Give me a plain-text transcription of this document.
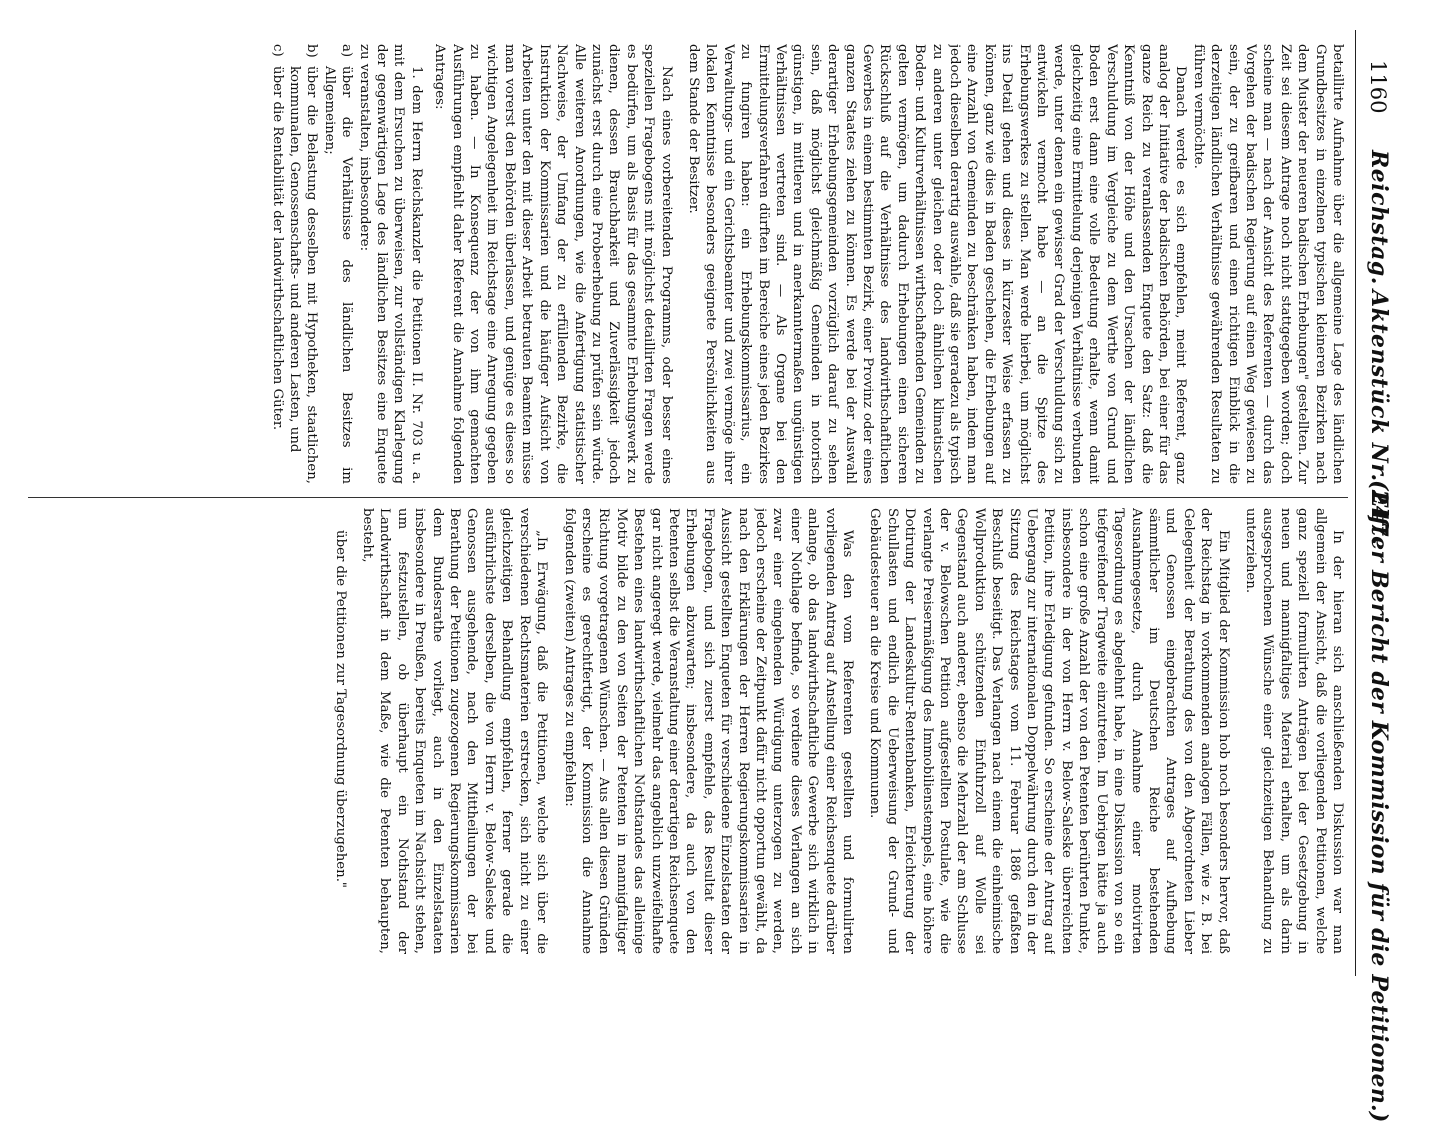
1160
Reichstag.
Aktenstück Nr. 247.
(Elfter Bericht der Kommission für die Petitionen.)

betaillirte Aufnahme über die allgemeine Lage des ländlichen Grundbesitzes in einzelnen typischen kleineren Bezirken nach dem Muster der neueren badischen Erhebungen" gestellten. Zur Zeit sei diesem Antrage noch nicht stattgegeben worden; doch scheine man — nach der Ansicht des Referenten — durch das Vorgehen der badischen Regierung auf einen Weg gewiesen zu sein, der zu greifbaren und einen richtigen Einblick in die derzeitigen ländlichen Verhältnisse gewährenden Resultaten zu führen vermöchte.

Danach werde es sich empfehlen, meint Referent, ganz analog der Initiative der badischen Behörden, bei einer für das ganze Reich zu veranlassenden Enquete den Satz: daß die Kenntniß von der Höhe und den Ursachen der ländlichen Verschuldung im Vergleiche zu dem Werthe von Grund und Boden erst dann eine volle Bedeutung erhalte, wenn damit gleichzeitig eine Ermittelung derjenigen Verhältnisse verbunden werde, unter denen ein gewisser Grad der Verschuldung sich zu entwickeln vermocht habe — an die Spitze des Erhebungswerkes zu stellen. Man werde hierbei, um möglichst ins Detail gehen und dieses in kürzester Weise erfassen zu können, ganz wie dies in Baden geschehen, die Erhebungen auf eine Anzahl von Gemeinden zu beschränken haben, indem man jedoch dieselben derartig auswähle, daß sie geradezu als typisch zu anderen unter gleichen oder doch ähnlichen klimatischen Boden- und Kulturverhältnissen wirthschaftenden Gemeinden zu gelten vermögen, um dadurch Erhebungen einen sicheren Rückschluß auf die Verhältnisse des landwirthschaftlichen Gewerbes in einem bestimmten Bezirk, einer Provinz oder eines ganzen Staates ziehen zu können. Es werde bei der Auswahl derartiger Erhebungsgemeinden vorzüglich darauf zu sehen sein, daß möglichst gleichmäßig Gemeinden in notorisch günstigen, in mittleren und in anerkanntermaßen ungünstigen Verhältnissen vertreten sind. — Als Organe bei den Ermittelungsverfahren dürften im Bereiche eines jeden Bezirkes zu fungiren haben: ein Erhebungskommissarius, ein Verwaltungs- und ein Gerichtsbeamter und zwei vermöge ihrer lokalen Kenntnisse besonders geeignete Persönlichkeiten aus dem Stande der Besitzer.

Nach eines vorbereitenden Programms, oder besser eines speziellen Fragebogens mit möglichst detaillirten Fragen werde es bedürfen, um als Basis für das gesammte Erhebungswerk zu dienen, dessen Brauchbarkeit und Zuverlässigkeit jedoch zunächst erst durch eine Probeerhebung zu prüfen sein würde. Alle weiteren Anordnungen, wie die Anfertigung statistischer Nachweise, der Umfang der zu erfüllenden Bezirke, die Instruktion der Kommissarien und die häufiger Aufsicht von Arbeiten unter den mit dieser Arbeit betrauten Beamten müsse man vorerst den Behörden überlassen, und genüge es dieses so wichtigen Angelegenheit im Reichstage eine Anregung gegeben zu haben. — In Konsequenz der von ihm gemachten Ausführungen empfiehlt daher Referent die Annahme folgenden Antrages:

1. dem Herrn Reichskanzler die Petitionen II. Nr. 703 u. a. mit dem Ersuchen zu überweisen, zur vollständigen Klarlegung der gegenwärtigen Lage des ländlichen Besitzes eine Enquete zu veranstalten, insbesondere:

a)
über die Verhältnisse des ländlichen Besitzes im Allgemeinen;
b)
über die Belastung desselben mit Hypotheken, staatlichen, kommunalen, Genossenschafts- und anderen Lasten, und
c)
über die Rentabilität der landwirthschaftlichen Güter.

In der hieran sich anschließenden Diskussion war man allgemein der Ansicht, daß die vorliegenden Petitionen, welche ganz speziell formulirten Anträgen bei der Gesetzgebung in neuen und mannigfaltiges Material erhalten, um als darin ausgesprochenen Wünsche einer gleichzeitigen Behandlung zu unterziehen.

Ein Mitglied der Kommission hob noch besonders hervor, daß der Reichstag in vorkommenden analogen Fällen, wie z. B. bei Gelegenheit der Berathung des von den Abgeordneten Lieber und Genossen eingebrachten Antrages auf Aufhebung sämmtlicher im Deutschen Reiche bestehenden Ausnahmegesetze, durch Annahme einer motivirten Tagesordnung es abgelehnt habe, in eine Diskussion von so ein tiefgreifender Tragweite einzutreten. Im Uebrigen hätte ja auch schon eine große Anzahl der von den Petenten berührten Punkte, insbesondere in der von Herrn v. Below-Saleske überreichten Petition, ihre Erledigung gefunden. So erscheine der Antrag auf Uebergang zur internationalen Doppelwährung durch den in der Sitzung des Reichstages vom 11. Februar 1886 gefaßten Beschluß beseitigt. Das Verlangen nach einem die einheimische Wollproduktion schützenden Einfuhrzoll auf Wolle sei Gegenstand auch anderer, ebenso die Mehrzahl der am Schlusse der v. Belowschen Petition aufgestellten Postulate, wie die verlangte Preisermäßigung des Immobilienstempels, eine höhere Dotirung der Landeskultur-Rentenbanken, Erleichterung der Schullasten und endlich die Ueberweisung der Grund- und Gebäudesteuer an die Kreise und Kommunen.

Was den vom Referenten gestellten und formulirten vorliegenden Antrag auf Anstellung einer Reichsenquete darüber anlange, ob das landwirthschaftliche Gewerbe sich wirklich in einer Nothlage befinde, so verdiene dieses Verlangen an sich zwar einer eingehenden Würdigung unterzogen zu werden, jedoch erscheine der Zeitpunkt dafür nicht opportun gewählt, da nach den Erklärungen der Herren Regierungskommissarien in Aussicht gestellten Enqueten für verschiedene Einzelstaaten der Fragebogen, und sich zuerst empfehle, das Resultat dieser Erhebungen abzuwarten; insbesondere, da auch von den Petenten selbst die Veranstaltung einer derartigen Reichsenquete gar nicht angeregt werde, vielmehr das angeblich unzweifelhafte Bestehen eines landwirthschaftlichen Nothstandes das alleinige Motiv bilde zu den von Seiten der Petenten in mannigfaltiger Richtung vorgetragenen Wünschen. — Aus allen diesen Gründen erscheine es gerechtfertigt, der Kommission die Annahme folgenden (zweiten) Antrages zu empfehlen:

„In Erwägung, daß die Petitionen, welche sich über die verschiedenen Rechtsmaterien erstrecken, sich nicht zu einer gleichzeitigen Behandlung empfehlen, ferner gerade die ausführlichste derselben, die von Herrn v. Below-Saleske und Genossen ausgehende, nach den Mittheilungen der bei Berathung der Petitionen zugezogenen Regierungskommissarien dem Bundesrathe vorliegt, auch in den Einzelstaaten insbesondere in Preußen, bereits Enqueten im Nachsicht stehen, um festzustellen, ob überhaupt ein Nothstand der Landwirthschaft in dem Maße, wie die Petenten behaupten, besteht,

über die Petitionen zur Tagesordnung überzugehen."
